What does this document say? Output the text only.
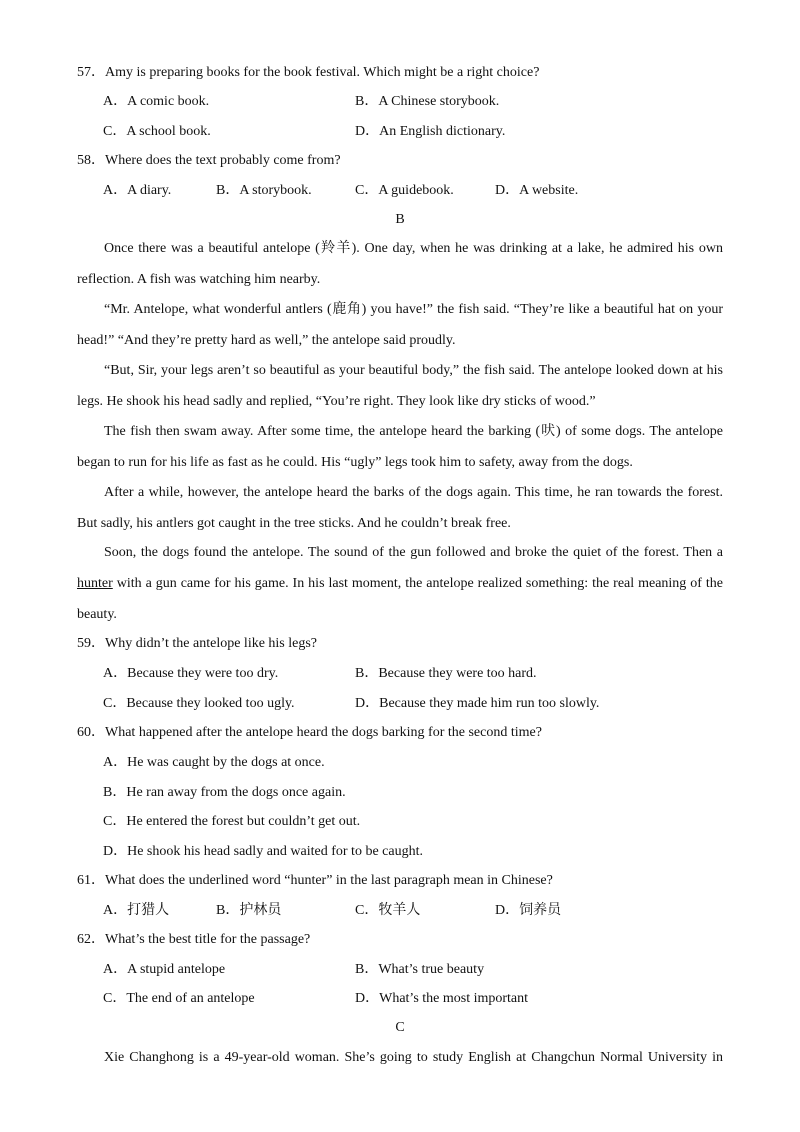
57．Amy is preparing books for the book festival. Which might be a right choice?
A．A comic book.	B．A Chinese storybook.
C．A school book.	D．An English dictionary.
58．Where does the text probably come from?
A．A diary.	B．A storybook.	C．A guidebook.	D．A website.
B
Once there was a beautiful antelope (羚羊). One day, when he was drinking at a lake, he admired his own
reflection. A fish was watching him nearby.
“Mr. Antelope, what wonderful antlers (鹿角) you have!” the fish said. “They’re like a beautiful hat on your
head!” “And they’re pretty hard as well,” the antelope said proudly.
“But, Sir, your legs aren’t so beautiful as your beautiful body,” the fish said. The antelope looked down at his
legs. He shook his head sadly and replied, “You’re right. They look like dry sticks of wood.”
The fish then swam away. After some time, the antelope heard the barking (吠) of some dogs. The antelope
began to run for his life as fast as he could. His “ugly” legs took him to safety, away from the dogs.
After a while, however, the antelope heard the barks of the dogs again. This time, he ran towards the forest.
But sadly, his antlers got caught in the tree sticks. And he couldn’t break free.
Soon, the dogs found the antelope. The sound of the gun followed and broke the quiet of the forest. Then a
hunter with a gun came for his game. In his last moment, the antelope realized something: the real meaning of the
beauty.
59．Why didn’t the antelope like his legs?
A．Because they were too dry.	B．Because they were too hard.
C．Because they looked too ugly.	D．Because they made him run too slowly.
60．What happened after the antelope heard the dogs barking for the second time?
A．He was caught by the dogs at once.
B．He ran away from the dogs once again.
C．He entered the forest but couldn’t get out.
D．He shook his head sadly and waited for to be caught.
61．What does the underlined word “hunter” in the last paragraph mean in Chinese?
A．打猎人	B．护林员	C．牧羊人	D．饲养员
62．What’s the best title for the passage?
A．A stupid antelope	B．What’s true beauty
C．The end of an antelope	D．What’s the most important
C
Xie Changhong is a 49-year-old woman. She’s going to study English at Changchun Normal University in
